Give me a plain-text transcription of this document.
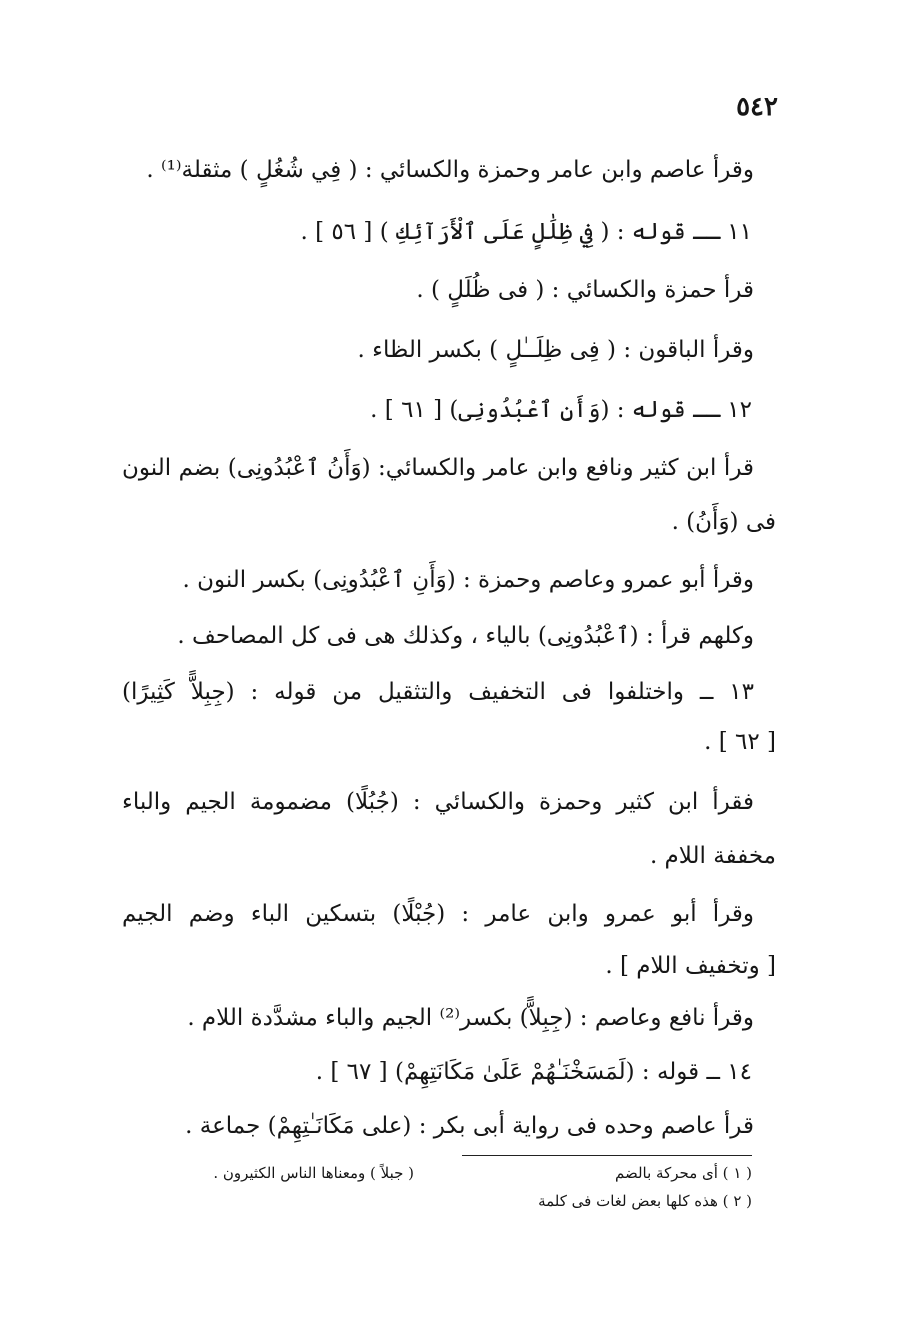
٥٤٢
وقرأ عاصم وابن عامر وحمزة والكسائي : ( فِي شُغُلٍ ) مثقلة⁽¹⁾ .
١١ ــ قوله : ( فِي ظِلَٰلٍ عَلَى ٱلْأَرَآئِكِ ) [ ٥٦ ] .
قرأ حمزة والكسائي : ( فى ظُلَلٍ ) .
وقرأ الباقون : ( فِى ظِلَــٰلٍ ) بكسر الظاء .
١٢ ــ قوله : (وَأَنِ ٱعْبُدُونِى) [ ٦١ ] .
قرأ ابن كثير ونافع وابن عامر والكسائي: (وَأَنُ ٱعْبُدُونِى) بضم النون
فى (وَأَنُ) .
وقرأ أبو عمرو وعاصم وحمزة : (وَأَنِ ٱعْبُدُونِى) بكسر النون .
وكلهم قرأ : (ٱعْبُدُونِى) بالياء ، وكذلك هى فى كل المصاحف .
١٣ ــ واختلفوا فى التخفيف والتثقيل من قوله : (جِبِلاًّ كَثِيرًا)
[ ٦٢ ] .
فقرأ ابن كثير وحمزة والكسائي : (جُبُلًا) مضمومة الجيم والباء
مخففة اللام .
وقرأ أبو عمرو وابن عامر : (جُبْلًا) بتسكين الباء وضم الجيم
[ وتخفيف اللام ] .
وقرأ نافع وعاصم : (جِبِلاًّ) بكسر⁽²⁾ الجيم والباء مشدَّدة اللام .
١٤ ــ قوله : (لَمَسَخْنَـٰهُمْ عَلَىٰ مَكَانَتِهِمْ) [ ٦٧ ] .
قرأ عاصم وحده فى رواية أبى بكر : (على مَكَانَـٰتِهِمْ) جماعة .
( ١ ) أى محركة بالضم
( جبلاً ) ومعناها الناس الكثيرون .
( ٢ ) هذه كلها بعض لغات فى كلمة
